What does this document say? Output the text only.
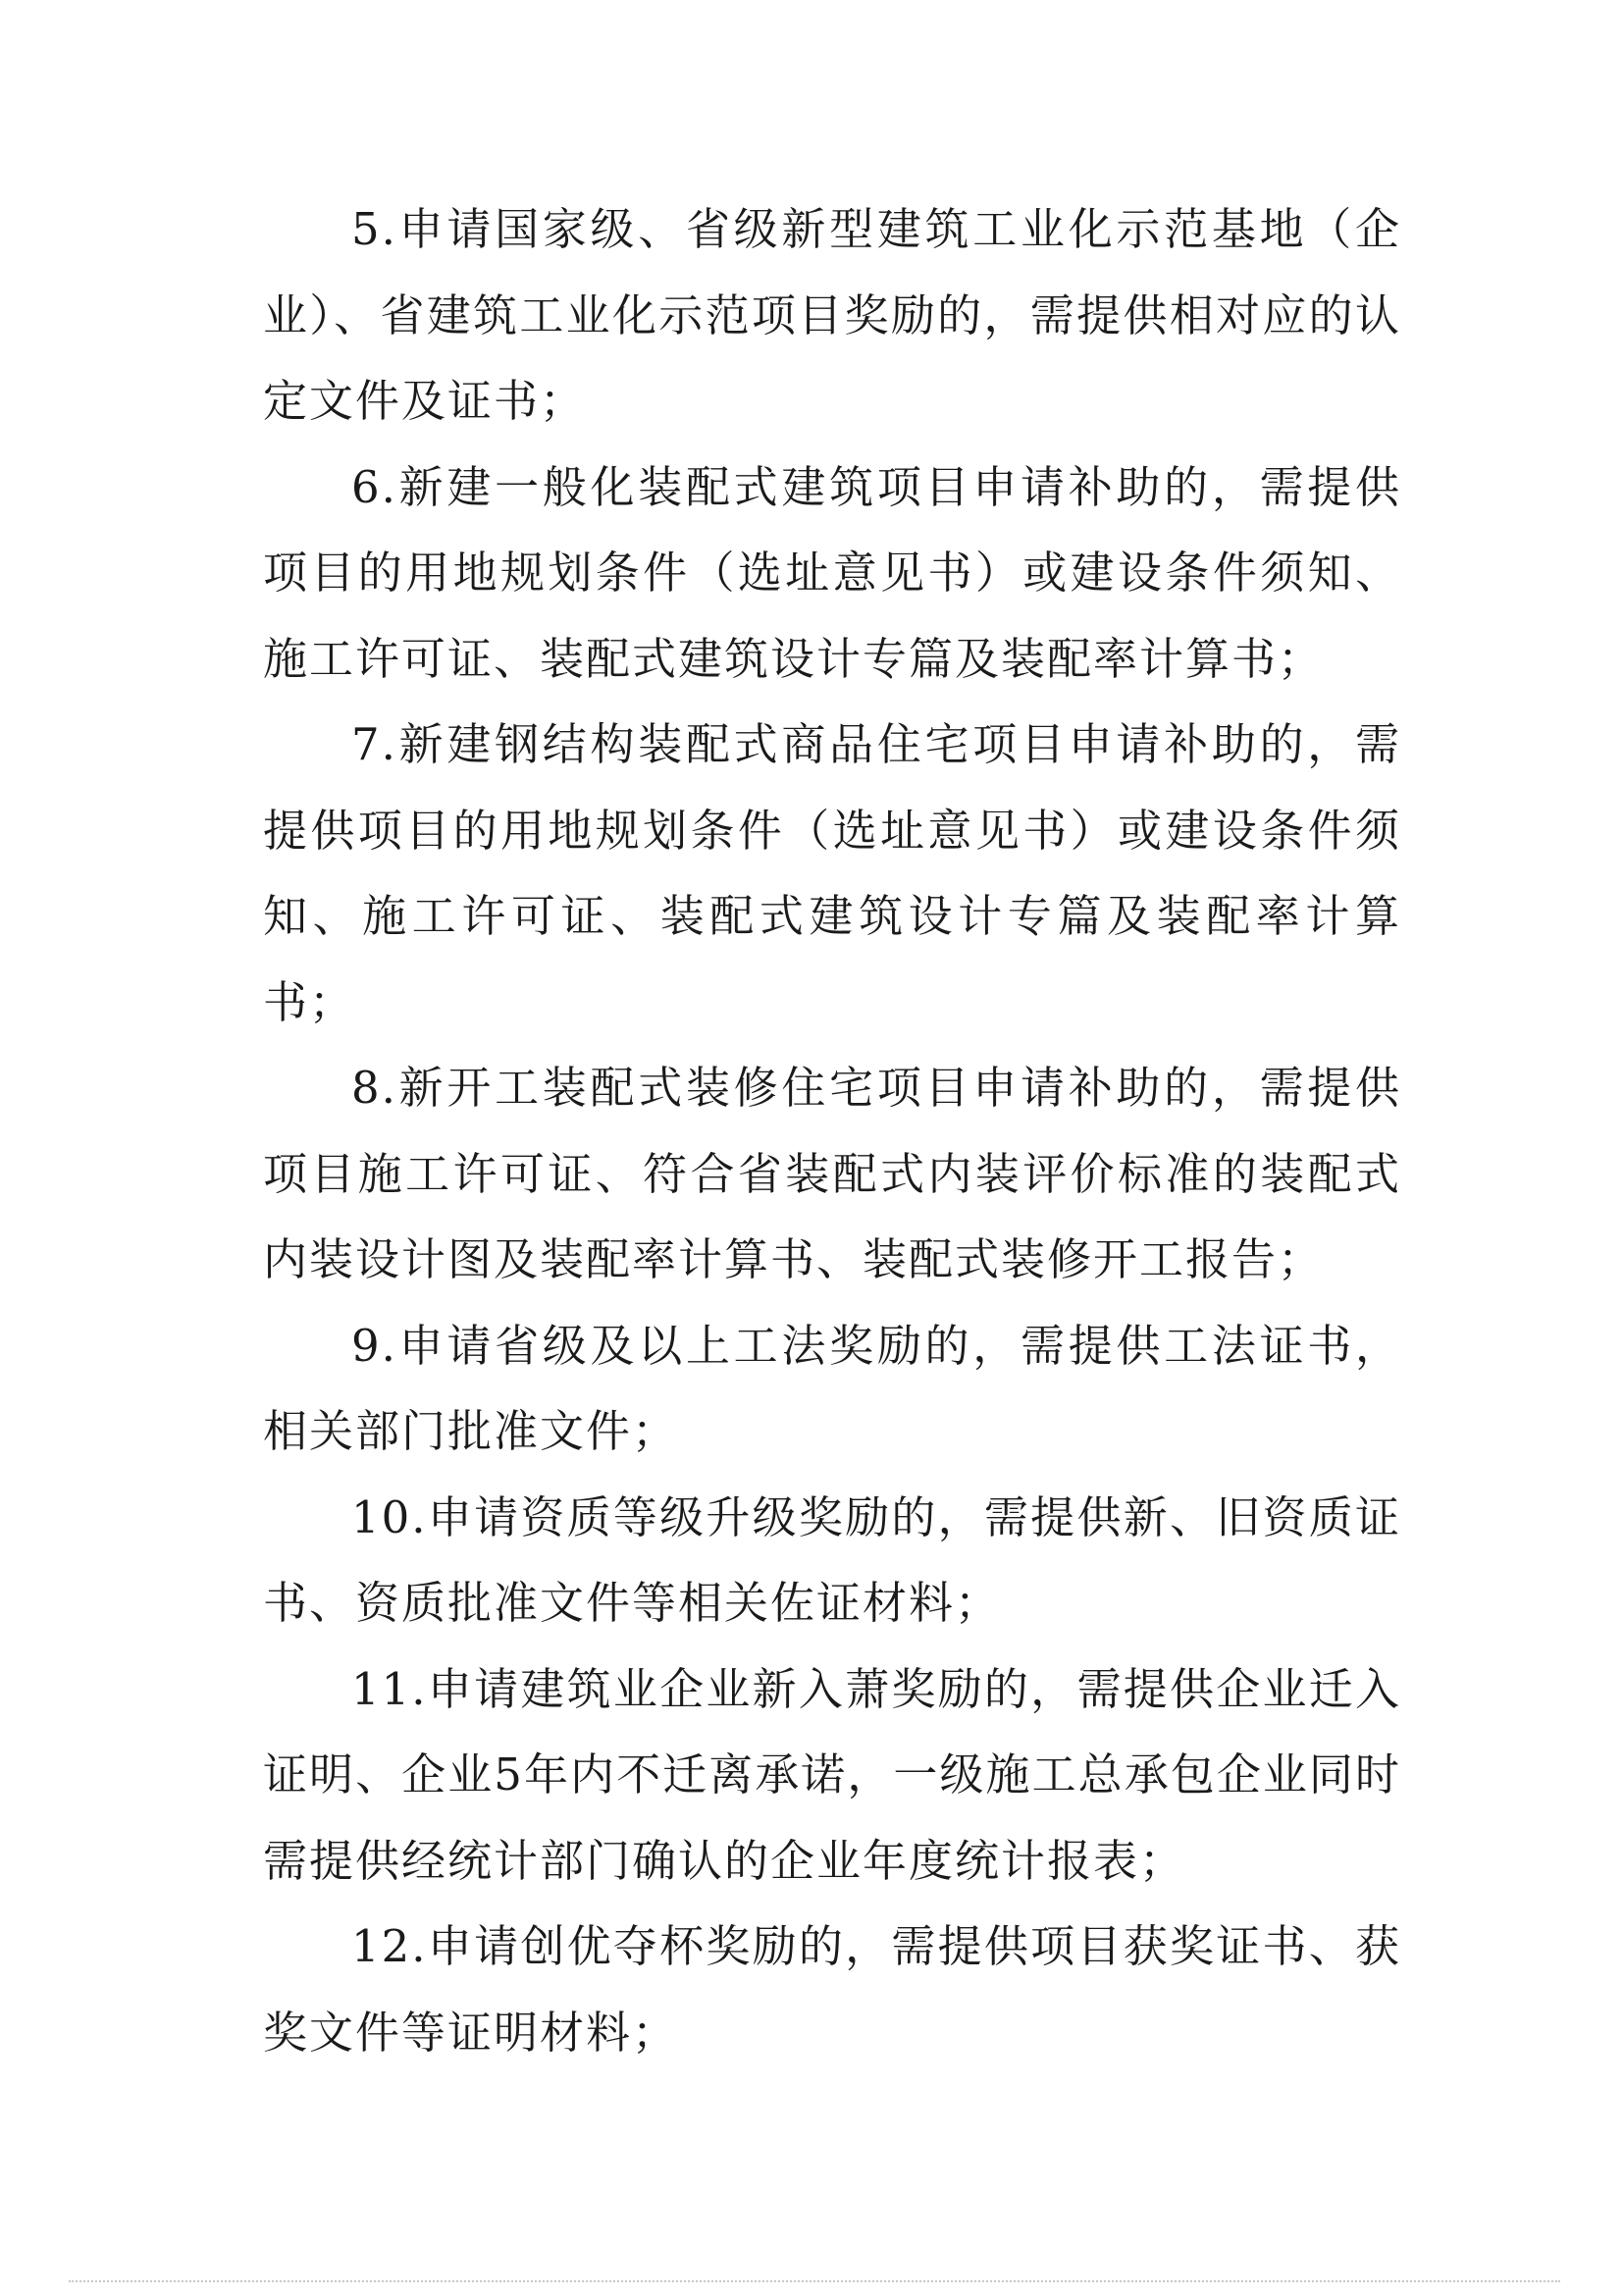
5.申请国家级、省级新型建筑工业化示范基地（企业）、省建筑工业化示范项目奖励的，需提供相对应的认定文件及证书；

6.新建一般化装配式建筑项目申请补助的，需提供项目的用地规划条件（选址意见书）或建设条件须知、施工许可证、装配式建筑设计专篇及装配率计算书；

7.新建钢结构装配式商品住宅项目申请补助的，需提供项目的用地规划条件（选址意见书）或建设条件须知、施工许可证、装配式建筑设计专篇及装配率计算书；

8.新开工装配式装修住宅项目申请补助的，需提供项目施工许可证、符合省装配式内装评价标准的装配式内装设计图及装配率计算书、装配式装修开工报告；

9.申请省级及以上工法奖励的，需提供工法证书，相关部门批准文件；

10.申请资质等级升级奖励的，需提供新、旧资质证书、资质批准文件等相关佐证材料；

11.申请建筑业企业新入萧奖励的，需提供企业迁入证明、企业5年内不迁离承诺，一级施工总承包企业同时需提供经统计部门确认的企业年度统计报表；

12.申请创优夺杯奖励的，需提供项目获奖证书、获奖文件等证明材料；
